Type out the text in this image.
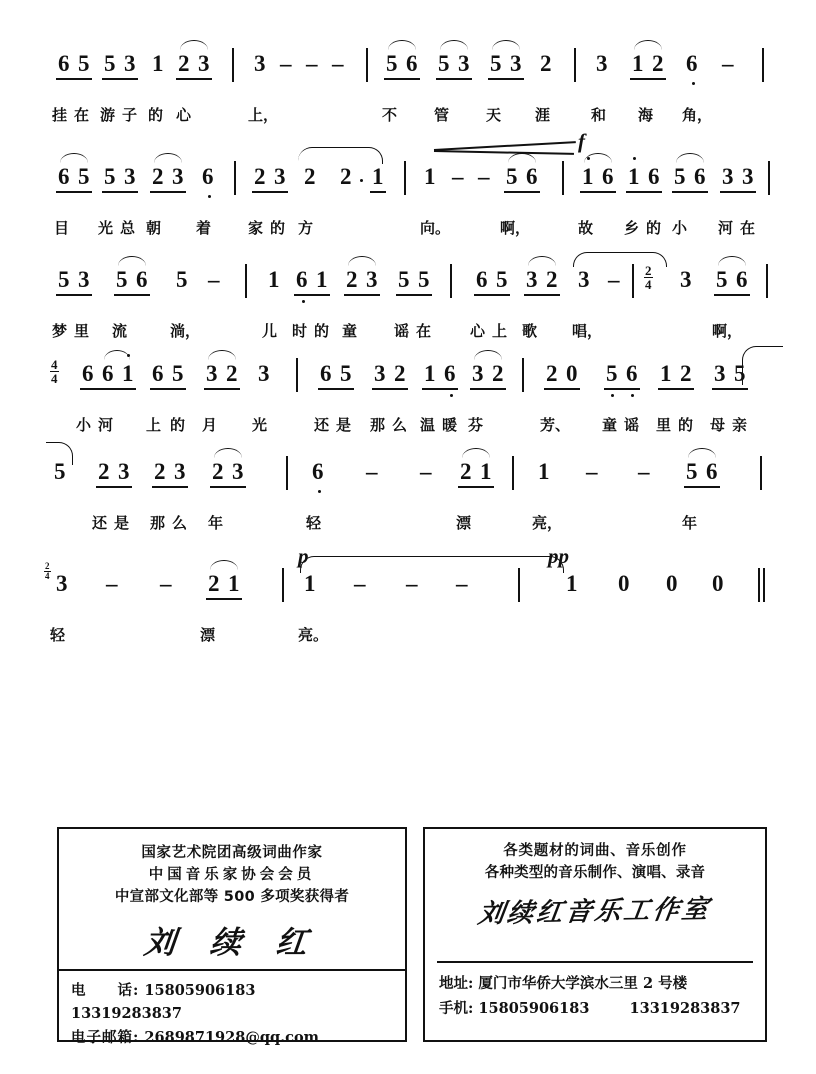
6 5 5 3 1 2 3 3 – – – 5 6 5 3 5 3 2 3 1 2 6 –
挂 在 游 子 的 心	上，	不 管 天 涯	和 海 角，
f
6 5 5 3 2 3 6 2 3 2 2 1 1 – – 5 6 1 6 1 6 5 6 3 3
目 光 总 朝 着 家 的 方	向。	啊，	故 乡 的 小 河 在
5 3 5 6 5 – 1 6 1 2 3 5 5 6 5 3 2 $3 - \frac{2}{4} 3$ 5 6
梦 里 流	淌，	儿 时 的 童 谣 在	心 上 歌 唱，	啊，
$\frac{4}{4} 6$ 6 1 6 5 3 2 3 6 5 3 2 1 6 3 2 2 0 5 6 1 2 3 5
小 河 上 的 月 光	还 是 那 么 温 暖 芬	芳、 童 谣 里 的 母 亲
5 2 3 2 3 2 3	6 – – 2 1 1 – – 5 6
还 是 那 么 年	轻	漂	亮，	年
p	pp
$\frac{2}{4} 3$ – – 2 1	1 – – –	1 0 0 0
轻	漂	亮。
国家艺术院团高级词曲作家
中国音乐家协会会员
中宣部文化部等 500 多项奖获得者
刘 续 红
电　　话: 15805906183  13319283837
电子邮箱: 2689871928@qq.com
各类题材的词曲、音乐创作
各种类型的音乐制作、演唱、录音
刘续红音乐工作室
地址: 厦门市华侨大学滨水三里 2 号楼
手机: 15805906183	13319283837
